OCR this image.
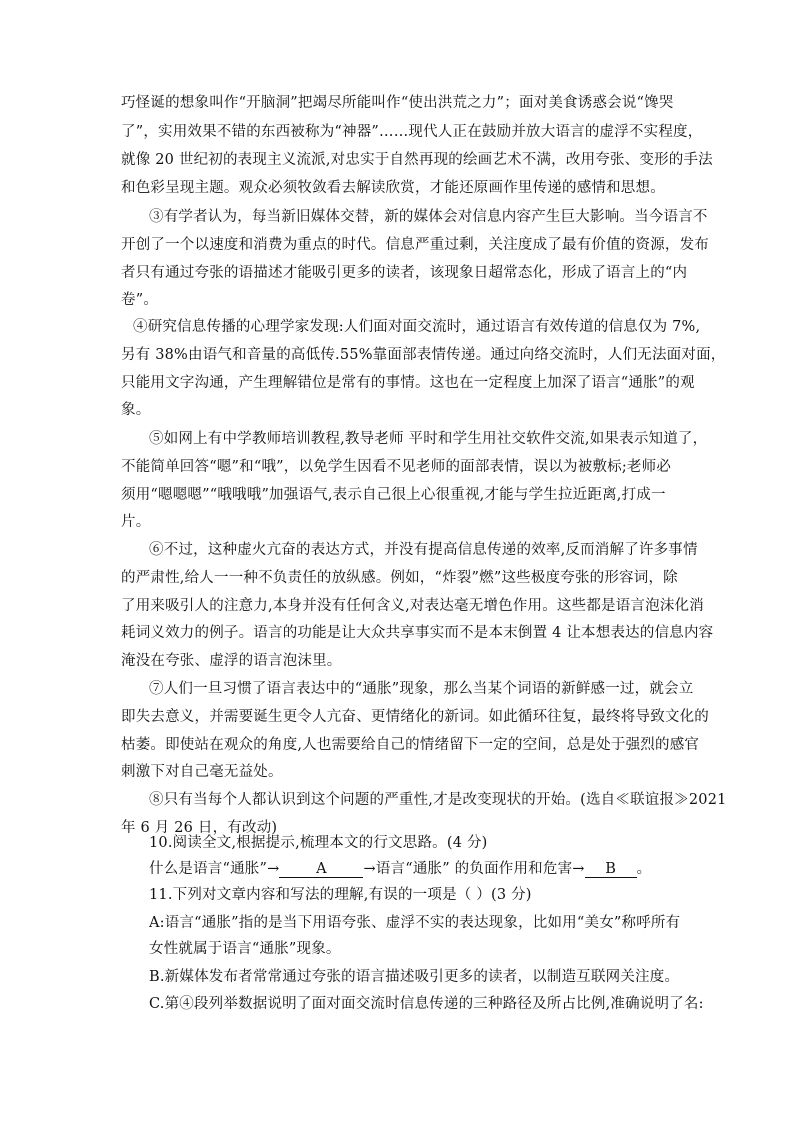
巧怪诞的想象叫作“开脑洞”把竭尽所能叫作“使出洪荒之力”；面对美食诱惑会说“馋哭
了”，实用效果不错的东西被称为“神器”……现代人正在鼓励并放大语言的虚浮不实程度，
就像 20 世纪初的表现主义流派,对忠实于自然再现的绘画艺术不满，改用夸张、变形的手法
和色彩呈现主题。观众必须牧敛看去解读欣赏，才能还原画作里传递的感情和思想。
③有学者认为，每当新旧媒体交替，新的媒体会对信息内容产生巨大影响。当今语言不
开创了一个以速度和消费为重点的时代。信息严重过剩，关注度成了最有价值的资源，发布
者只有通过夸张的语描述才能吸引更多的读者，该现象日超常态化，形成了语言上的“内
卷”。
④研究信息传播的心理学家发现:人们面对面交流时，通过语言有效传道的信息仅为 7%,
另有 38%由语气和音量的高低传.55%靠面部表情传递。通过向络交流时，人们无法面对面，
只能用文字沟通，产生理解错位是常有的事情。这也在一定程度上加深了语言“通胀”的观
象。
⑤如网上有中学教师培训教程,教导老师 平时和学生用社交软件交流,如果表示知道了，
不能简单回答“嗯”和“哦”，以免学生因看不见老师的面部表情，误以为被敷标;老师必
须用“嗯嗯嗯”“哦哦哦”加强语气,表示自己很上心很重视,才能与学生拉近距离,打成一
片。
⑥不过，这种虚火亢奋的表达方式，并没有提高信息传递的效率,反而消解了许多事情
的严肃性,给人一一种不负责任的放纵感。例如，“炸裂”燃”这些极度夸张的形容词，除
了用来吸引人的注意力,本身并没有任何含义,对表达毫无增色作用。这些都是语言泡沫化消
耗词义效力的例子。语言的功能是让大众共享事实而不是本末倒置 4 让本想表达的信息内容
淹没在夸张、虚浮的语言泡沫里。
⑦人们一旦习惯了语言表达中的“通胀”现象，那么当某个词语的新鲜感一过，就会立
即失去意义，并需要诞生更令人亢奋、更情绪化的新词。如此循环往复，最终将导致文化的
枯萎。即使站在观众的角度,人也需要给自己的情绪留下一定的空间，总是处于强烈的感官
刺激下对自己毫无益处。
⑧只有当每个人都认识到这个问题的严重性,才是改变现状的开始。(选自≪联谊报≫2021
年 6 月 26 日，有改动)
10.阅读全文,根据提示,梳理本文的行文思路。(4 分)
什么是语言“通胀”→	A	→语言“通胀” 的负面作用和危害→ B 。
11.下列对文章内容和写法的理解,有误的一项是（ ）(3 分)
A:语言“通胀”指的是当下用语夸张、虚浮不实的表达现象，比如用“美女”称呼所有
女性就属于语言“通胀”现象。
B.新媒体发布者常常通过夸张的语言描述吸引更多的读者，以制造互联网关注度。
C.第④段列举数据说明了面对面交流时信息传递的三种路径及所占比例,准确说明了名:
